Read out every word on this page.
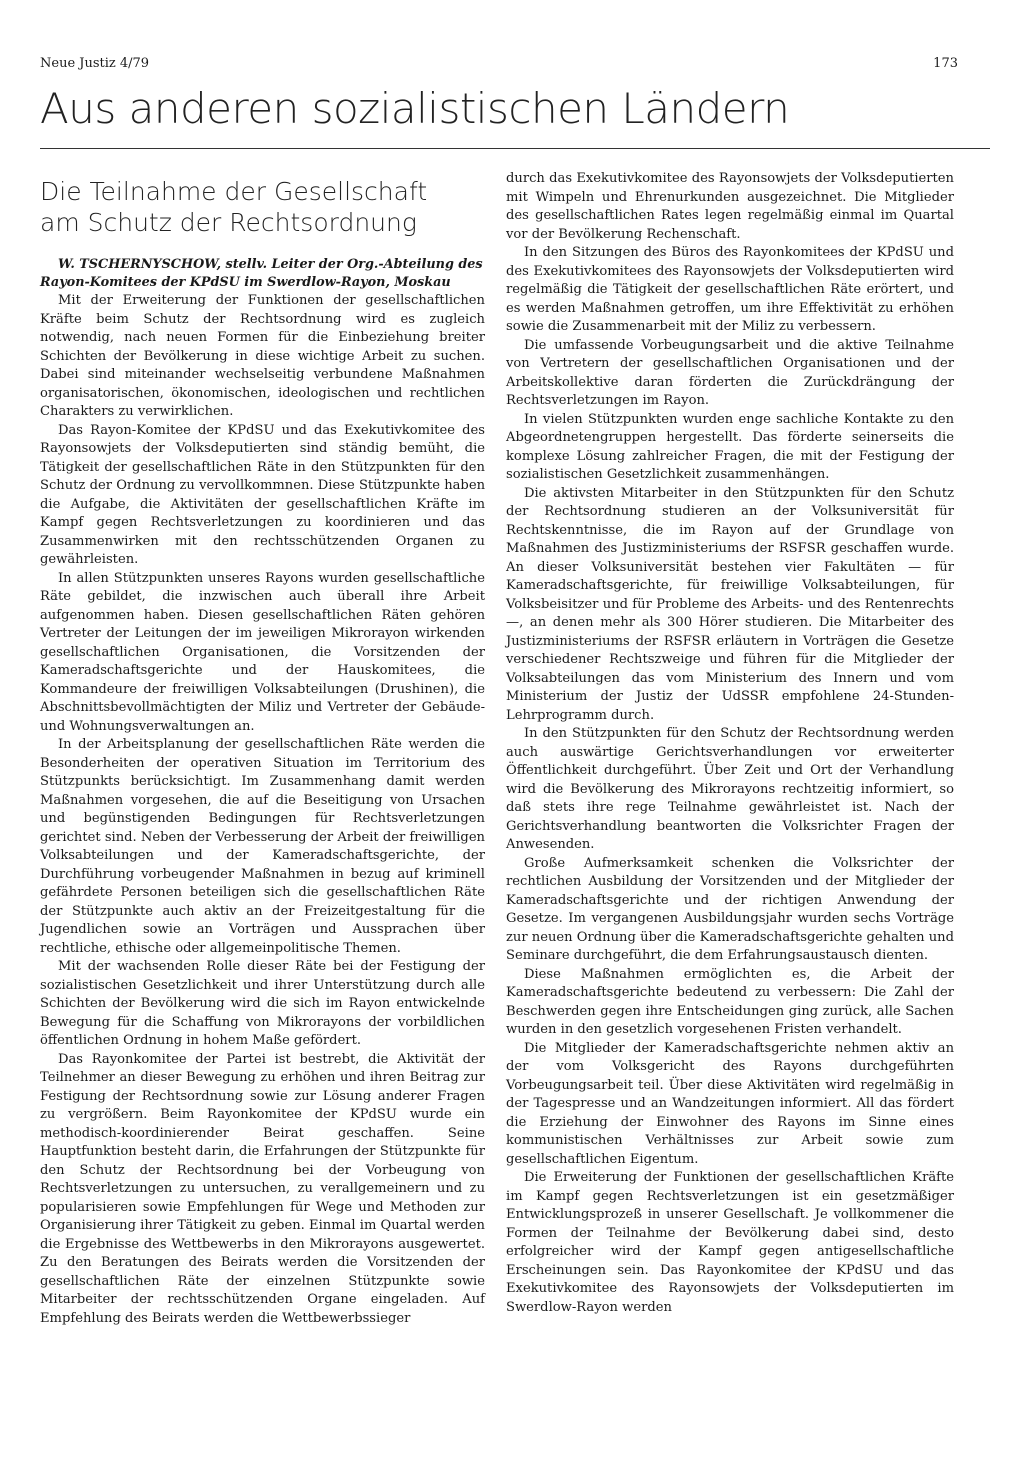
Neue Justiz 4/79	173
Aus anderen sozialistischen Ländern
Die Teilnahme der Gesellschaft
am Schutz der Rechtsordnung

W. TSCHERNYSCHOW, stellv. Leiter der Org.-Abteilung des Rayon-Komitees der KPdSU im Swerdlow-Rayon, Moskau

Mit der Erweiterung der Funktionen der gesellschaftlichen Kräfte beim Schutz der Rechtsordnung wird es zugleich notwendig, nach neuen Formen für die Einbeziehung breiter Schichten der Bevölkerung in diese wichtige Arbeit zu suchen. Dabei sind miteinander wechselseitig verbundene Maßnahmen organisatorischen, ökonomischen, ideologischen und rechtlichen Charakters zu verwirklichen.

Das Rayon-Komitee der KPdSU und das Exekutivkomitee des Rayonsowjets der Volksdeputierten sind ständig bemüht, die Tätigkeit der gesellschaftlichen Räte in den Stützpunkten für den Schutz der Ordnung zu vervollkommnen. Diese Stützpunkte haben die Aufgabe, die Aktivitäten der gesellschaftlichen Kräfte im Kampf gegen Rechtsverletzungen zu koordinieren und das Zusammenwirken mit den rechtsschützenden Organen zu gewährleisten.

In allen Stützpunkten unseres Rayons wurden gesellschaftliche Räte gebildet, die inzwischen auch überall ihre Arbeit aufgenommen haben. Diesen gesellschaftlichen Räten gehören Vertreter der Leitungen der im jeweiligen Mikrorayon wirkenden gesellschaftlichen Organisationen, die Vorsitzenden der Kameradschaftsgerichte und der Hauskomitees, die Kommandeure der freiwilligen Volksabteilungen (Drushinen), die Abschnittsbevollmächtigten der Miliz und Vertreter der Gebäude- und Wohnungsverwaltungen an.

In der Arbeitsplanung der gesellschaftlichen Räte werden die Besonderheiten der operativen Situation im Territorium des Stützpunkts berücksichtigt. Im Zusammenhang damit werden Maßnahmen vorgesehen, die auf die Beseitigung von Ursachen und begünstigenden Bedingungen für Rechtsverletzungen gerichtet sind. Neben der Verbesserung der Arbeit der freiwilligen Volksabteilungen und der Kameradschaftsgerichte, der Durchführung vorbeugender Maßnahmen in bezug auf kriminell gefährdete Personen beteiligen sich die gesellschaftlichen Räte der Stützpunkte auch aktiv an der Freizeitgestaltung für die Jugendlichen sowie an Vorträgen und Aussprachen über rechtliche, ethische oder allgemeinpolitische Themen.

Mit der wachsenden Rolle dieser Räte bei der Festigung der sozialistischen Gesetzlichkeit und ihrer Unterstützung durch alle Schichten der Bevölkerung wird die sich im Rayon entwickelnde Bewegung für die Schaffung von Mikrorayons der vorbildlichen öffentlichen Ordnung in hohem Maße gefördert.

Das Rayonkomitee der Partei ist bestrebt, die Aktivität der Teilnehmer an dieser Bewegung zu erhöhen und ihren Beitrag zur Festigung der Rechtsordnung sowie zur Lösung anderer Fragen zu vergrößern. Beim Rayonkomitee der KPdSU wurde ein methodisch-koordinierender Beirat geschaffen. Seine Hauptfunktion besteht darin, die Erfahrungen der Stützpunkte für den Schutz der Rechtsordnung bei der Vorbeugung von Rechtsverletzungen zu untersuchen, zu verallgemeinern und zu popularisieren sowie Empfehlungen für Wege und Methoden zur Organisierung ihrer Tätigkeit zu geben. Einmal im Quartal werden die Ergebnisse des Wettbewerbs in den Mikrorayons ausgewertet. Zu den Beratungen des Beirats werden die Vorsitzenden der gesellschaftlichen Räte der einzelnen Stützpunkte sowie Mitarbeiter der rechtsschützenden Organe eingeladen. Auf Empfehlung des Beirats werden die Wettbewerbssieger

durch das Exekutivkomitee des Rayonsowjets der Volksdeputierten mit Wimpeln und Ehrenurkunden ausgezeichnet. Die Mitglieder des gesellschaftlichen Rates legen regelmäßig einmal im Quartal vor der Bevölkerung Rechenschaft.

In den Sitzungen des Büros des Rayonkomitees der KPdSU und des Exekutivkomitees des Rayonsowjets der Volksdeputierten wird regelmäßig die Tätigkeit der gesellschaftlichen Räte erörtert, und es werden Maßnahmen getroffen, um ihre Effektivität zu erhöhen sowie die Zusammenarbeit mit der Miliz zu verbessern.

Die umfassende Vorbeugungsarbeit und die aktive Teilnahme von Vertretern der gesellschaftlichen Organisationen und der Arbeitskollektive daran förderten die Zurückdrängung der Rechtsverletzungen im Rayon.

In vielen Stützpunkten wurden enge sachliche Kontakte zu den Abgeordnetengruppen hergestellt. Das förderte seinerseits die komplexe Lösung zahlreicher Fragen, die mit der Festigung der sozialistischen Gesetzlichkeit zusammenhängen.

Die aktivsten Mitarbeiter in den Stützpunkten für den Schutz der Rechtsordnung studieren an der Volksuniversität für Rechtskenntnisse, die im Rayon auf der Grundlage von Maßnahmen des Justizministeriums der RSFSR geschaffen wurde. An dieser Volksuniversität bestehen vier Fakultäten — für Kameradschaftsgerichte, für freiwillige Volksabteilungen, für Volksbeisitzer und für Probleme des Arbeits- und des Rentenrechts —, an denen mehr als 300 Hörer studieren. Die Mitarbeiter des Justizministeriums der RSFSR erläutern in Vorträgen die Gesetze verschiedener Rechtszweige und führen für die Mitglieder der Volksabteilungen das vom Ministerium des Innern und vom Ministerium der Justiz der UdSSR empfohlene 24-Stunden-Lehrprogramm durch.

In den Stützpunkten für den Schutz der Rechtsordnung werden auch auswärtige Gerichtsverhandlungen vor erweiterter Öffentlichkeit durchgeführt. Über Zeit und Ort der Verhandlung wird die Bevölkerung des Mikrorayons rechtzeitig informiert, so daß stets ihre rege Teilnahme gewährleistet ist. Nach der Gerichtsverhandlung beantworten die Volksrichter Fragen der Anwesenden.

Große Aufmerksamkeit schenken die Volksrichter der rechtlichen Ausbildung der Vorsitzenden und der Mitglieder der Kameradschaftsgerichte und der richtigen Anwendung der Gesetze. Im vergangenen Ausbildungsjahr wurden sechs Vorträge zur neuen Ordnung über die Kameradschaftsgerichte gehalten und Seminare durchgeführt, die dem Erfahrungsaustausch dienten.

Diese Maßnahmen ermöglichten es, die Arbeit der Kameradschaftsgerichte bedeutend zu verbessern: Die Zahl der Beschwerden gegen ihre Entscheidungen ging zurück, alle Sachen wurden in den gesetzlich vorgesehenen Fristen verhandelt.

Die Mitglieder der Kameradschaftsgerichte nehmen aktiv an der vom Volksgericht des Rayons durchgeführten Vorbeugungsarbeit teil. Über diese Aktivitäten wird regelmäßig in der Tagespresse und an Wandzeitungen informiert. All das fördert die Erziehung der Einwohner des Rayons im Sinne eines kommunistischen Verhältnisses zur Arbeit sowie zum gesellschaftlichen Eigentum.

Die Erweiterung der Funktionen der gesellschaftlichen Kräfte im Kampf gegen Rechtsverletzungen ist ein gesetzmäßiger Entwicklungsprozeß in unserer Gesellschaft. Je vollkommener die Formen der Teilnahme der Bevölkerung dabei sind, desto erfolgreicher wird der Kampf gegen antigesellschaftliche Erscheinungen sein. Das Rayonkomitee der KPdSU und das Exekutivkomitee des Rayonsowjets der Volksdeputierten im Swerdlow-Rayon werden
